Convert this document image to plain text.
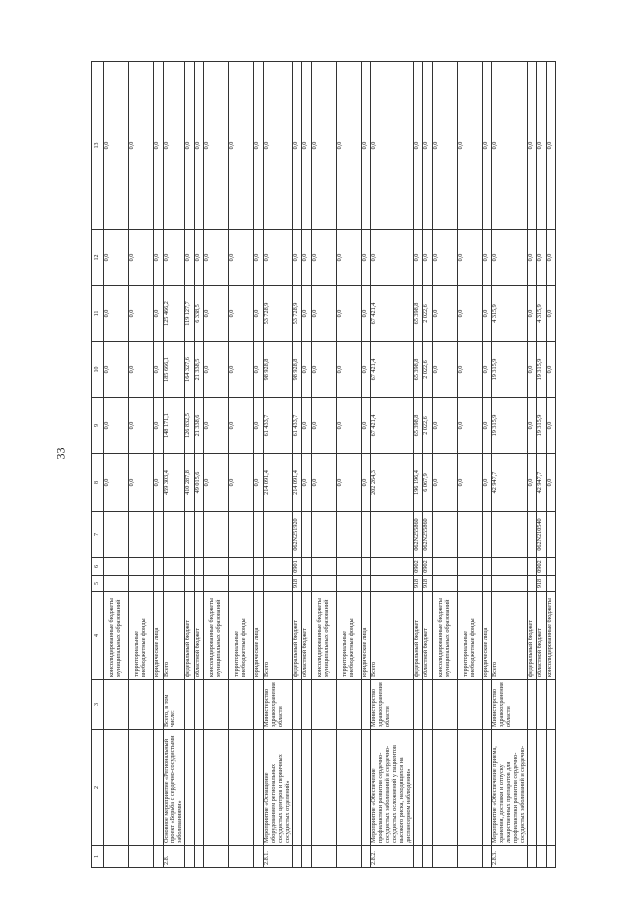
33
1	2	3	4	5	6	7	8	9	10	11	12	13
			консолидированные бюджеты муниципальных образований				0,0	0,0	0,0	0,0	0,0	0,0
			территориальные внебюджетные фонды				0,0	0,0	0,0	0,0	0,0	0,0
			юридические лица				0,0	0,0	0,0	0,0	0,0	0,0
2.8.	Основное мероприятие «Региональный проект «Борьба с сердечно-сосудистыми заболеваниями»	Всего, в том числе:	Всего				459 303,4	148 171,1	185 666,1	125 466,2	0,0	0,0
			федеральный бюджет				410 287,8	126 832,5	164 327,6	119 127,7	0,0	0,0
			областной бюджет				49 015,6	21 338,6	21 338,5	6 338,5	0,0	0,0
			консолидированные бюджеты муниципальных образований				0,0	0,0	0,0	0,0	0,0	0,0
			территориальные внебюджетные фонды				0,0	0,0	0,0	0,0	0,0	0,0
			юридические лица				0,0	0,0	0,0	0,0	0,0	0,0
2.8.1.	Мероприятие «Оснащение оборудованием региональных сосудистых центров и первичных сосудистых отделений»	Министерство здравоохранения области	Всего				214 091,4	61 433,7	98 928,8	53 728,9	0,0	0,0
			федеральный бюджет	918	0901	062N251920	214 091,4	61 433,7	98 928,8	53 728,9	0,0	0,0
			областной бюджет				0,0	0,0	0,0	0,0	0,0	0,0
			консолидированные бюджеты муниципальных образований				0,0	0,0	0,0	0,0	0,0	0,0
			территориальные внебюджетные фонды				0,0	0,0	0,0	0,0	0,0	0,0
			юридические лица				0,0	0,0	0,0	0,0	0,0	0,0
2.8.2.	Мероприятие «Обеспечение профилактики развития сердечно-сосудистых заболеваний и сердечно-сосудистых осложнений у пациентов высокого риска, находящихся на диспансерном наблюдении»	Министерство здравоохранения области	Всего				202 264,3	67 421,4	67 421,4	67 421,4	0,0	0,0
			федеральный бюджет	918	0902	062N255860	196 196,4	65 398,8	65 398,8	65 398,8	0,0	0,0
			областной бюджет	918	0902	062N255860	6 067,9	2 022,6	2 022,6	2 022,6	0,0	0,0
			консолидированные бюджеты муниципальных образований				0,0	0,0	0,0	0,0	0,0	0,0
			территориальные внебюджетные фонды				0,0	0,0	0,0	0,0	0,0	0,0
			юридические лица				0,0	0,0	0,0	0,0	0,0	0,0
2.8.3.	Мероприятие «Обеспечение приема, хранения, доставки и отпуску лекарственных препаратов для профилактики развития сердечно-сосудистых заболеваний и сердечно-	Министерство здравоохранения области	Всего				42 947,7	19 315,9	19 315,9	4 315,9	0,0	0,0
			федеральный бюджет				0,0	0,0	0,0	0,0	0,0	0,0
			областной бюджет	918	0902	062N210540	42 947,7	19 315,9	19 315,9	4 315,9	0,0	0,0
			консолидированные бюджеты				0,0	0,0	0,0	0,0	0,0	0,0
